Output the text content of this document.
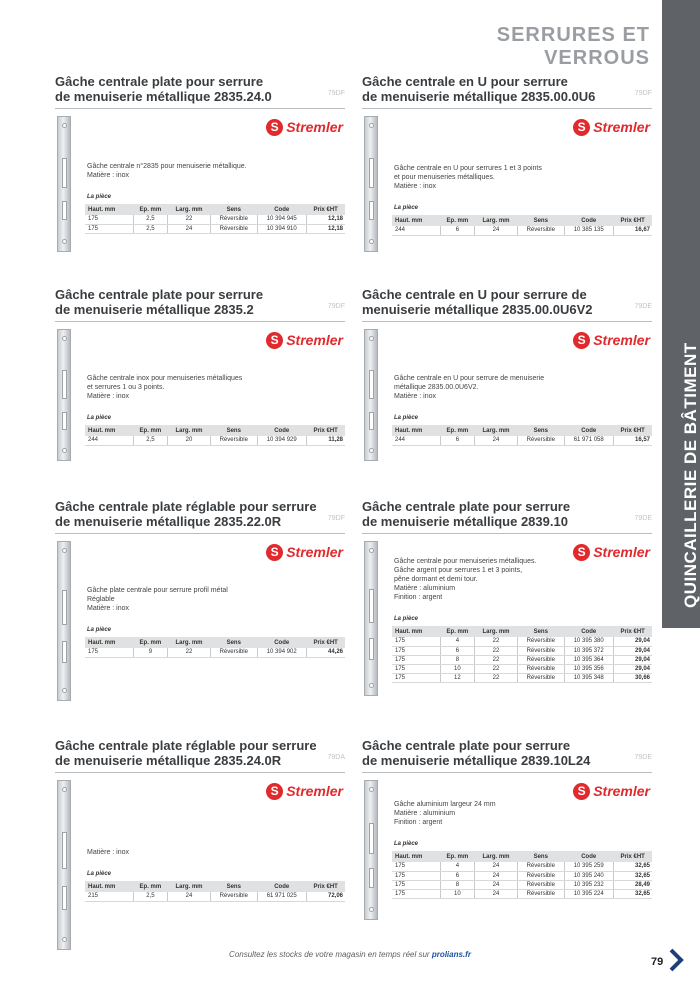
SERRURES ET VERROUS
QUINCAILLERIE DE BÂTIMENT
Gâche centrale plate pour serrure
de menuiserie métallique 2835.24.0	79DF
S Stremler
Gâche centrale n°2835 pour menuiserie métallique.
Matière : inox
La pièce
Haut. mm	Ep. mm	Larg. mm	Sens	Code	Prix €HT
175	2,5	22	Réversible	10 394 945	12,18
175	2,5	24	Réversible	10 394 910	12,18
Gâche centrale en U pour serrure
de menuiserie métallique 2835.00.0U6	79DF
S Stremler
Gâche centrale en U pour serrures 1 et 3 points
et pour menuiseries métalliques.
Matière : inox
La pièce
Haut. mm	Ep. mm	Larg. mm	Sens	Code	Prix €HT
244	6	24	Réversible	10 385 135	16,67
Gâche centrale plate pour serrure
de menuiserie métallique 2835.2	79DF
S Stremler
Gâche centrale inox pour menuiseries métalliques
et serrures 1 ou 3 points.
Matière : inox
La pièce
Haut. mm	Ep. mm	Larg. mm	Sens	Code	Prix €HT
244	2,5	20	Réversible	10 394 929	11,28
Gâche centrale en U pour serrure de
menuiserie métallique 2835.00.0U6V2	79DE
S Stremler
Gâche centrale en U pour serrure de menuiserie
métallique 2835.00.0U6V2.
Matière : inox
La pièce
Haut. mm	Ep. mm	Larg. mm	Sens	Code	Prix €HT
244	6	24	Réversible	61 971 058	16,57
Gâche centrale plate réglable pour serrure
de menuiserie métallique 2835.22.0R	79DF
S Stremler
Gâche plate centrale pour serrure profil métal
Réglable
Matière : inox
La pièce
Haut. mm	Ep. mm	Larg. mm	Sens	Code	Prix €HT
175	9	22	Réversible	10 394 902	44,26
Gâche centrale plate pour serrure
de menuiserie métallique 2839.10	79DE
S Stremler
Gâche centrale pour menuiseries métalliques.
Gâche argent pour serrures 1 et 3 points,
pêne dormant et demi tour.
Matière : aluminium
Finition : argent
La pièce
Haut. mm	Ep. mm	Larg. mm	Sens	Code	Prix €HT
175	4	22	Réversible	10 395 380	29,04
175	6	22	Réversible	10 395 372	29,04
175	8	22	Réversible	10 395 364	29,04
175	10	22	Réversible	10 395 356	29,04
175	12	22	Réversible	10 395 348	30,66
Gâche centrale plate réglable pour serrure
de menuiserie métallique 2835.24.0R	79DA
S Stremler
Matière : inox
La pièce
Haut. mm	Ep. mm	Larg. mm	Sens	Code	Prix €HT
215	2,5	24	Réversible	61 971 025	72,06
Gâche centrale plate pour serrure
de menuiserie métallique 2839.10L24	79DE
S Stremler
Gâche aluminium largeur 24 mm
Matière : aluminium
Finition : argent
La pièce
Haut. mm	Ep. mm	Larg. mm	Sens	Code	Prix €HT
175	4	24	Réversible	10 395 259	32,65
175	6	24	Réversible	10 395 240	32,65
175	8	24	Réversible	10 395 232	28,49
175	10	24	Réversible	10 395 224	32,65
Consultez les stocks de votre magasin en temps réel sur prolians.fr
79
